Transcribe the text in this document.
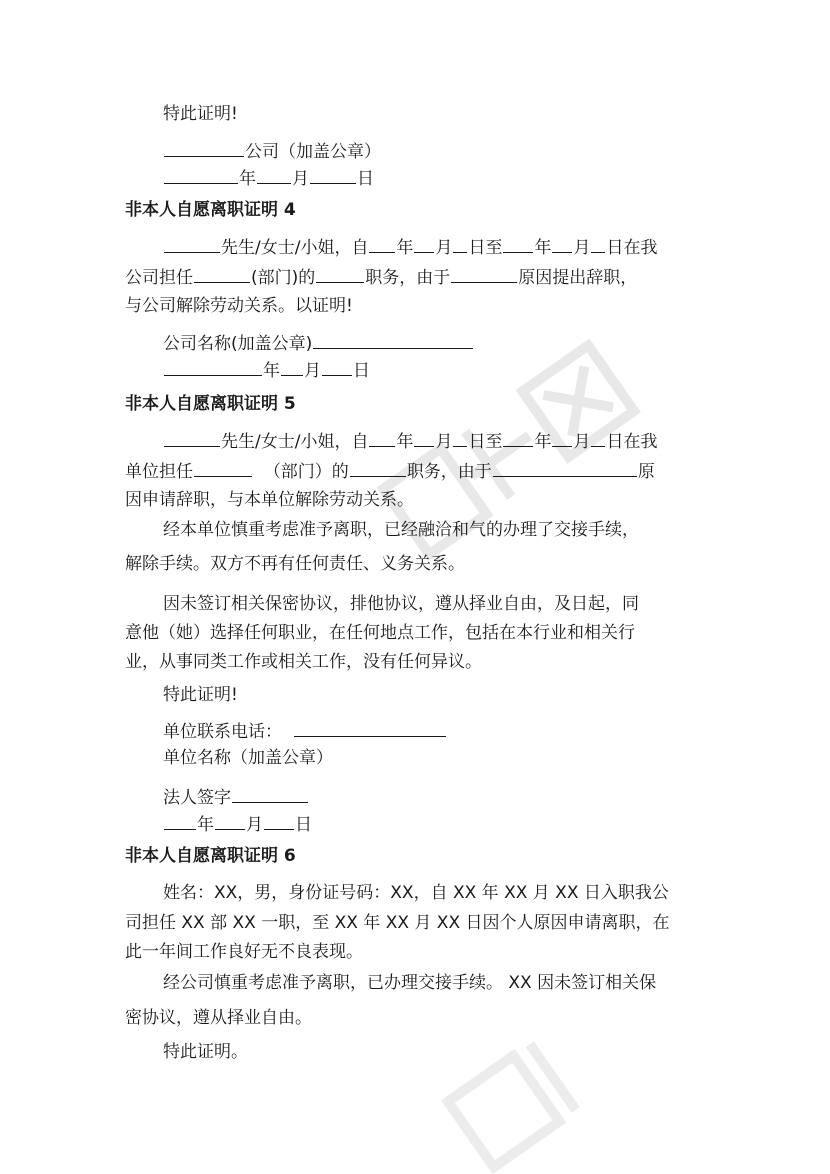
特此证明!
公司（加盖公章）
年 月	日
非本人自愿离职证明 4
先生/女士/小姐，自 年 月 日至 年 月 日在我
公司担任	(部门)的	职务，由于	原因提出辞职，
与公司解除劳动关系。以证明!
公司名称(加盖公章)
年 月 日
非本人自愿离职证明 5
先生/女士/小姐，自 年 月 日至 年 月 日在我
单位担任	（部门）的	职务，由于	原
因申请辞职，与本单位解除劳动关系。
经本单位慎重考虑准予离职，已经融洽和气的办理了交接手续，
解除手续。双方不再有任何责任、义务关系。
因未签订相关保密协议，排他协议，遵从择业自由，及日起，同
意他（她）选择任何职业，在任何地点工作，包括在本行业和相关行
业，从事同类工作或相关工作，没有任何异议。
特此证明!
单位联系电话：
单位名称（加盖公章）
法人签字
年 月 日
非本人自愿离职证明 6
姓名：XX，男，身份证号码：XX，自 XX 年 XX 月 XX 日入职我公
司担任 XX 部 XX 一职，至 XX 年 XX 月 XX 日因个人原因申请离职，在
此一年间工作良好无不良表现。
经公司慎重考虑准予离职，已办理交接手续。 XX 因未签订相关保
密协议，遵从择业自由。
特此证明。
